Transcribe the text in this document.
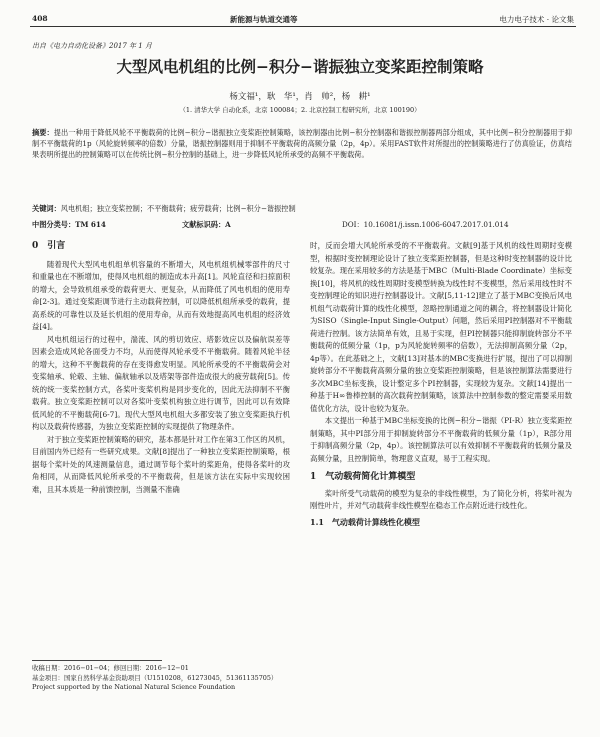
408	新能源与轨道交通等	电力电子技术 · 论文集
出自《电力自动化设备》2017 年 1 月
大型风电机组的比例−积分−谐振独立变桨距控制策略
杨文福¹，耿　华¹，肖　帅²，杨　耕¹
（1. 清华大学 自动化系，北京 100084；2. 北京控制工程研究所，北京 100190）
摘要：提出一种用于降低风轮不平衡载荷的比例−积分−谐振独立变桨距控制策略，该控制器由比例−积分控制器和谐振控制器两部分组成，其中比例−积分控制器用于抑制不平衡载荷的1p（风轮旋转频率的倍数）分量，谐振控制器则用于抑制不平衡载荷的高频分量（2p，4p）。采用FAST软件对所提出的控制策略进行了仿真验证，仿真结果表明所提出的控制策略可以在传统比例−积分控制的基础上，进一步降低风轮所承受的高频不平衡载荷。
关键词：风电机组；独立变桨控制；不平衡载荷；疲劳载荷；比例−积分−谐振控制
中图分类号：TM 614	文献标识码：A	DOI：10.16081/j.issn.1006-6047.2017.01.014
0　引言

随着现代大型风电机组单机容量的不断增大，风电机组机械零部件的尺寸和重量也在不断增加，使得风电机组的制造成本升高[1]。风轮直径和扫掠面积的增大，会导致机组承受的载荷更大、更复杂，从而降低了风电机组的使用寿命[2-3]。通过变桨距调节进行主动载荷控制，可以降低机组所承受的载荷，提高系统的可靠性以及延长机组的使用寿命，从而有效地提高风电机组的经济效益[4]。

风电机组运行的过程中，湍流、风的剪切效应、塔影效应以及偏航误差等因素会造成风轮各面受力不均，从而使得风轮承受不平衡载荷。随着风轮半径的增大，这种不平衡载荷的存在变得愈发明显。风轮所承受的不平衡载荷会对变桨轴承、轮毂、主轴、偏航轴承以及塔架等部件造成很大的疲劳载荷[5]。传统的统一变桨控制方式，各桨叶变桨机构是同步变化的，因此无法抑制不平衡载荷。独立变桨距控制可以对各桨叶变桨机构独立进行调节，因此可以有效降低风轮的不平衡载荷[6-7]。现代大型风电机组大多都安装了独立变桨距执行机构以及载荷传感器，为独立变桨距控制的实现提供了物理条件。

对于独立变桨距控制策略的研究，基本都是针对工作在第3工作区的风机，目前国内外已经有一些研究成果。文献[8]提出了一种独立变桨距控制策略，根据每个桨叶处的风速测量信息，通过调节每个桨叶的桨距角，使得各桨叶的攻角相同，从而降低风轮所承受的不平衡载荷，但是该方法在实际中实现较困难，且其本质是一种前馈控制，当测量不准确

收稿日期：2016−01−04；修回日期：2016−12−01
基金项目：国家自然科学基金资助项目（U1510208，61273045，51361135705）
Project supported by the National Natural Science Foundation

时，反而会增大风轮所承受的不平衡载荷。文献[9]基于风机的线性周期时变模型，根据时变控制理论设计了独立变桨距控制器，但是这种时变控制器的设计比较复杂。现在采用较多的方法是基于MBC（Multi-Blade Coordinate）坐标变换[10]，将风机的线性周期时变模型转换为线性时不变模型，然后采用线性时不变控制理论的知识进行控制器设计。文献[5,11-12]建立了基于MBC变换后风电机组气动载荷计算的线性化模型，忽略控制通道之间的耦合，将控制器设计简化为SISO（Single-Input Single-Output）问题，然后采用PI控制器对不平衡载荷进行控制。该方法简单有效，且易于实现，但PI控制器只能抑制旋转部分不平衡载荷的低频分量（1p，p为风轮旋转频率的倍数），无法抑制高频分量（2p，4p等）。在此基础之上，文献[13]对基本的MBC变换进行扩展，提出了可以抑制旋转部分不平衡载荷高频分量的独立变桨距控制策略，但是该控制算法需要进行多次MBC坐标变换，设计整定多个PI控制器，实现较为复杂。文献[14]提出一种基于H∞鲁棒控制的高次载荷控制策略，该算法中控制参数的整定需要采用数值优化方法，设计也较为复杂。

本文提出一种基于MBC坐标变换的比例−积分−谐振（PI-R）独立变桨距控制策略，其中PI部分用于抑制旋转部分不平衡载荷的低频分量（1p），R部分用于抑制高频分量（2p，4p）。该控制算法可以有效抑制不平衡载荷的低频分量及高频分量，且控制简单，物理意义直观，易于工程实现。

1　气动载荷简化计算模型

桨叶所受气动载荷的模型为复杂的非线性模型，为了简化分析，将桨叶视为刚性叶片，并对气动载荷非线性模型在稳态工作点附近进行线性化。

1.1　气动载荷计算线性化模型
